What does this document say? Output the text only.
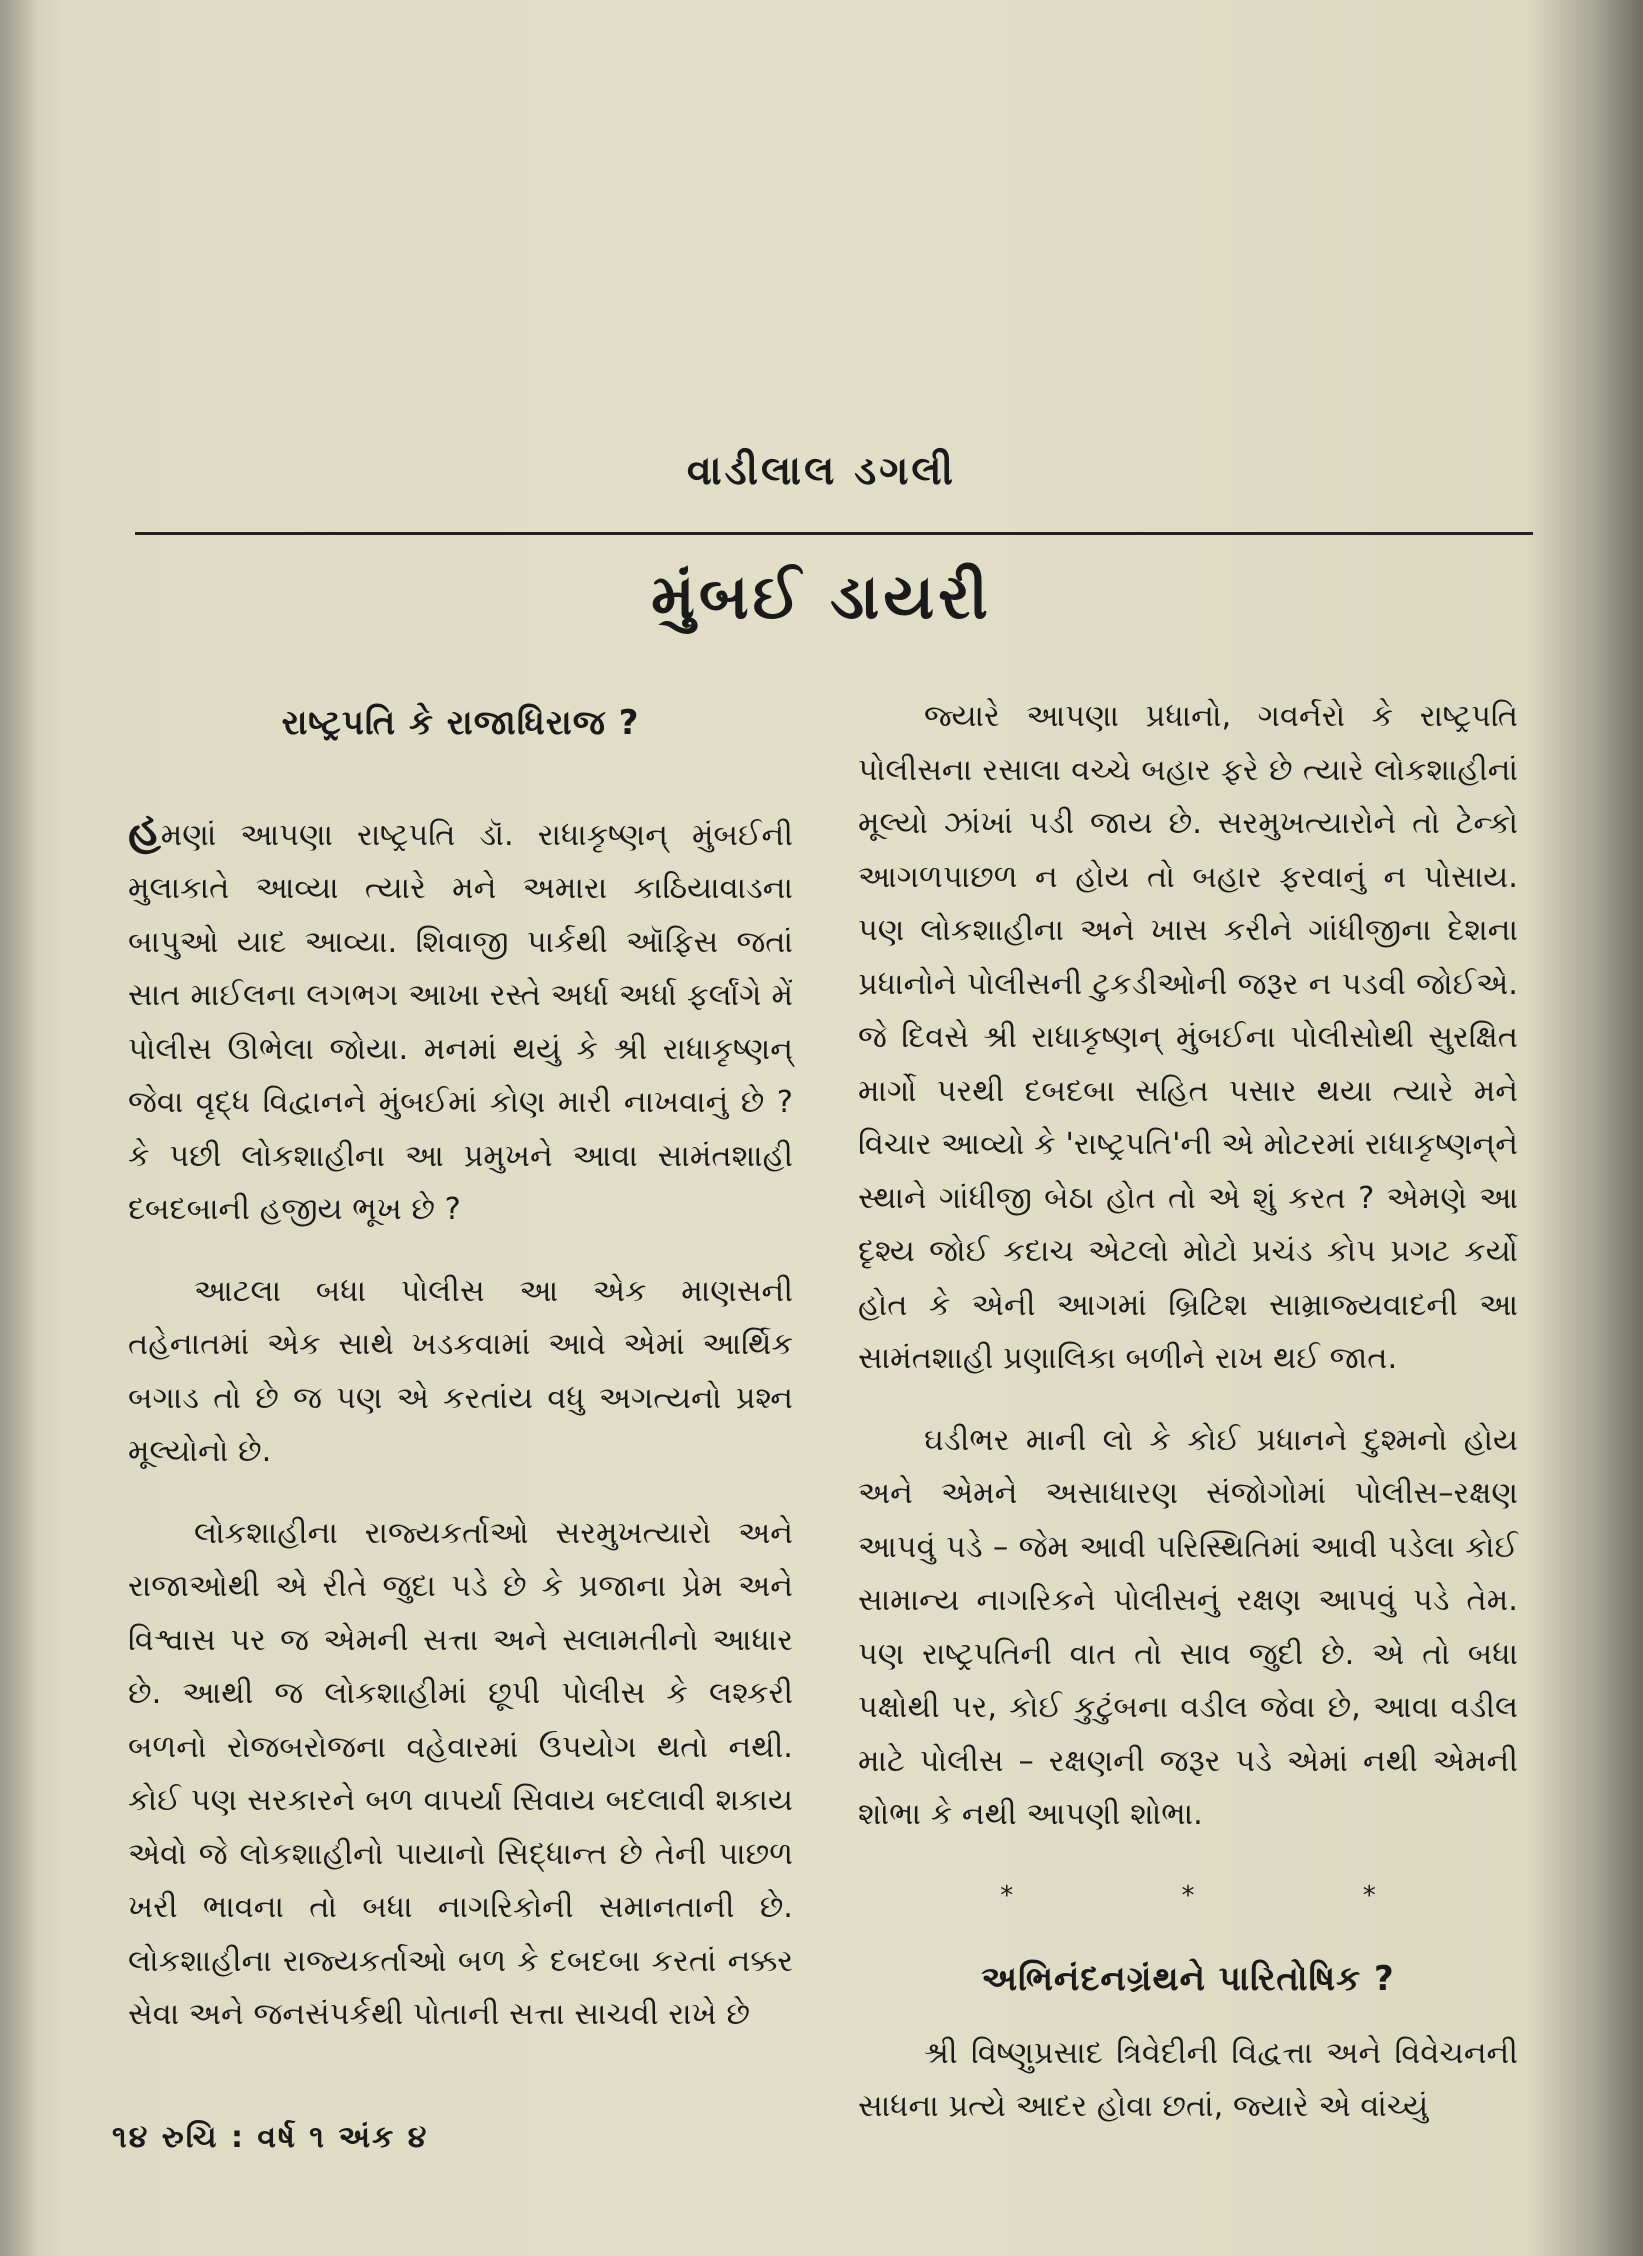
વાડીલાલ ડગલી
મુંબઈ ડાયરી
રાષ્ટ્રપતિ કે રાજાધિરાજ ?

હમણાં આપણા રાષ્ટ્રપતિ ડૉ. રાધાકૃષ્ણન્ મુંબઈની મુલાકાતે આવ્યા ત્યારે મને અમારા કાઠિયાવાડના બાપુઓ યાદ આવ્યા. શિવાજી પાર્કથી ઑફિસ જતાં સાત માઈલના લગભગ આખા રસ્તે અર્ધા અર્ધા ફર્લાંગે મેં પોલીસ ઊભેલા જોયા. મનમાં થયું કે શ્રી રાધાકૃષ્ણન્ જેવા વૃદ્ધ વિદ્વાનને મુંબઈમાં કોણ મારી નાખવાનું છે ? કે પછી લોકશાહીના આ પ્રમુખને આવા સામંતશાહી દબદબાની હજીય ભૂખ છે ?

આટલા બધા પોલીસ આ એક માણસની તહેનાતમાં એક સાથે ખડકવામાં આવે એમાં આર્થિક બગાડ તો છે જ પણ એ કરતાંય વધુ અગત્યનો પ્રશ્ન મૂલ્યોનો છે.

લોકશાહીના રાજ્યકર્તાઓ સરમુખત્યારો અને રાજાઓથી એ રીતે જુદા પડે છે કે પ્રજાના પ્રેમ અને વિશ્વાસ પર જ એમની સત્તા અને સલામતીનો આધાર છે. આથી જ લોકશાહીમાં છૂપી પોલીસ કે લશ્કરી બળનો રોજબરોજના વહેવારમાં ઉપયોગ થતો નથી. કોઈ પણ સરકારને બળ વાપર્યા સિવાય બદલાવી શકાય એવો જે લોકશાહીનો પાયાનો સિદ્ધાન્ત છે તેની પાછળ ખરી ભાવના તો બધા નાગરિકોની સમાનતાની છે. લોકશાહીના રાજ્યકર્તાઓ બળ કે દબદબા કરતાં નક્કર સેવા અને જનસંપર્કથી પોતાની સત્તા સાચવી રાખે છે

જ્યારે આપણા પ્રધાનો, ગવર્નરો કે રાષ્ટ્રપતિ પોલીસના રસાલા વચ્ચે બહાર ફરે છે ત્યારે લોકશાહીનાં મૂલ્યો ઝાંખાં પડી જાય છે. સરમુખત્યારોને તો ટેન્કો આગળપાછળ ન હોય તો બહાર ફરવાનું ન પોસાય. પણ લોકશાહીના અને ખાસ કરીને ગાંધીજીના દેશના પ્રધાનોને પોલીસની ટુકડીઓની જરૂર ન પડવી જોઈએ. જે દિવસે શ્રી રાધાકૃષ્ણન્ મુંબઈના પોલીસોથી સુરક્ષિત માર્ગો પરથી દબદબા સહિત પસાર થયા ત્યારે મને વિચાર આવ્યો કે 'રાષ્ટ્રપતિ'ની એ મોટરમાં રાધાકૃષ્ણન્‌ને સ્થાને ગાંધીજી બેઠા હોત તો એ શું કરત ? એમણે આ દૃશ્ય જોઈ કદાચ એટલો મોટો પ્રચંડ કોપ પ્રગટ કર્યો હોત કે એની આગમાં બ્રિટિશ સામ્રાજ્યવાદની આ સામંતશાહી પ્રણાલિકા બળીને રાખ થઈ જાત.

ઘડીભર માની લો કે કોઈ પ્રધાનને દુશ્મનો હોય અને એમને અસાધારણ સંજોગોમાં પોલીસ–રક્ષણ આપવું પડે – જેમ આવી પરિસ્થિતિમાં આવી પડેલા કોઈ સામાન્ય નાગરિકને પોલીસનું રક્ષણ આપવું પડે તેમ. પણ રાષ્ટ્રપતિની વાત તો સાવ જુદી છે. એ તો બધા પક્ષોથી પર, કોઈ કુટુંબના વડીલ જેવા છે, આવા વડીલ માટે પોલીસ – રક્ષણની જરૂર પડે એમાં નથી એમની શોભા કે નથી આપણી શોભા.

* * *
અભિનંદનગ્રંથને પારિતોષિક ?

શ્રી વિષ્ણુપ્રસાદ ત્રિવેદીની વિદ્વત્તા અને વિવેચનની સાધના પ્રત્યે આદર હોવા છતાં, જ્યારે એ વાંચ્યું

૧૪ રુચિ : વર્ષ ૧ અંક ૪
